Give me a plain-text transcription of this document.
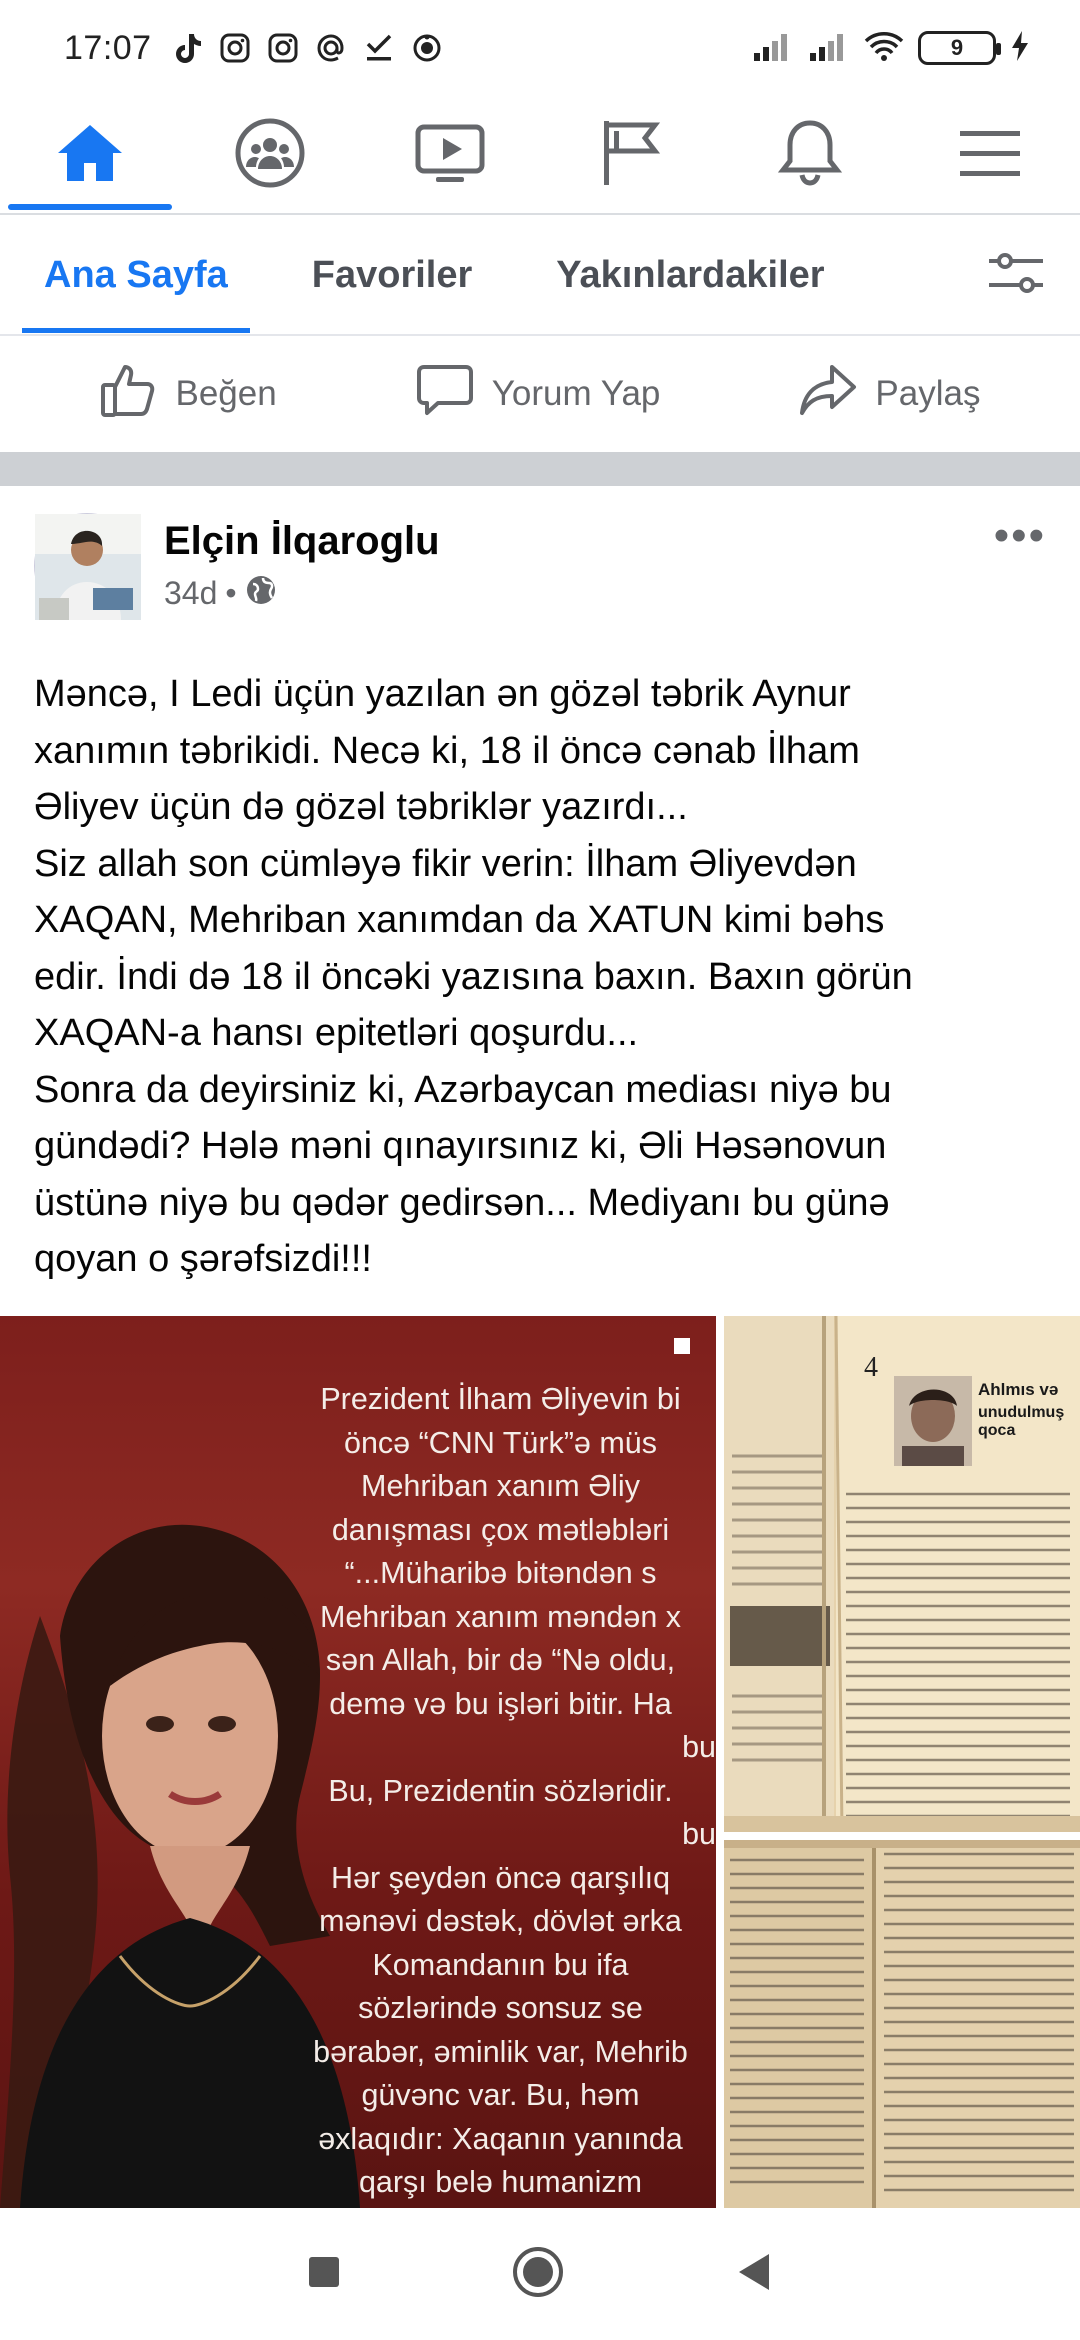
17:07	9
Ana Sayfa	Favoriler	Yakınlardakiler
Beğen	Yorum Yap	Paylaş
Elçin İlqaroglu
34d •
•••

Məncə, I Ledi üçün yazılan ən gözəl təbrik Aynur

xanımın təbrikidi. Necə ki, 18 il öncə cənab İlham

Əliyev üçün də gözəl təbriklər yazırdı...

Siz allah son cümləyə fikir verin: İlham Əliyevdən

XAQAN, Mehriban xanımdan da XATUN kimi bəhs

edir. İndi də 18 il öncəki yazısına baxın. Baxın görün

XAQAN-a hansı epitetləri qoşurdu...

Sonra da deyirsiniz ki, Azərbaycan mediası niyə bu

gündədi? Hələ məni qınayırsınız ki, Əli Həsənovun

üstünə niyə bu qədər gedirsən... Mediyanı bu günə

qoyan o şərəfsizdi!!!

Prezident İlham Əliyevin bi
öncə “CNN Türk”ə müs
Mehriban xanım Əliy
danışması çox mətləbləri
“...Müharibə bitəndən s
Mehriban xanım məndən x
sən Allah, bir də “Nə oldu,
demə və bu işləri bitir. Ha
bu
Bu, Prezidentin sözləridir.
bu
Hər şeydən öncə qarşılıq
mənəvi dəstək, dövlət ərka
Komandanın bu ifa
sözlərində sonsuz se
bərabər, əminlik var, Mehrib
güvənc var. Bu, həm
əxlaqıdır: Xaqanın yanında
qarşı belə humanizm
4
Ahlmıs və
unudulmuş qoca
